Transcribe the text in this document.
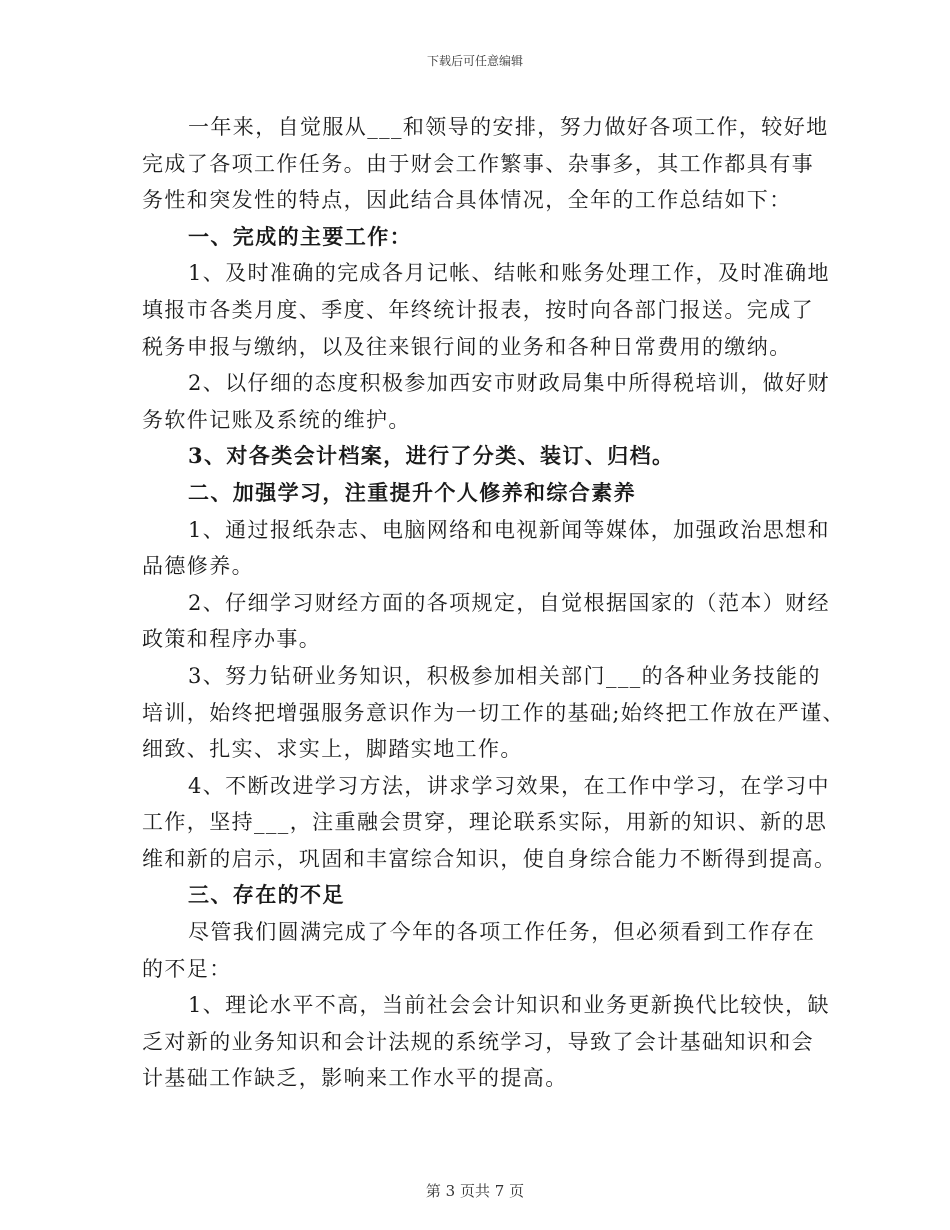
下载后可任意编辑
一年来，自觉服从___和领导的安排，努力做好各项工作，较好地
完成了各项工作任务。由于财会工作繁事、杂事多，其工作都具有事
务性和突发性的特点，因此结合具体情况，全年的工作总结如下：
一、完成的主要工作：
1、及时准确的完成各月记帐、结帐和账务处理工作，及时准确地
填报市各类月度、季度、年终统计报表，按时向各部门报送。完成了
税务申报与缴纳，以及往来银行间的业务和各种日常费用的缴纳。
2、以仔细的态度积极参加西安市财政局集中所得税培训，做好财
务软件记账及系统的维护。
3、对各类会计档案，进行了分类、装订、归档。
二、加强学习，注重提升个人修养和综合素养
1、通过报纸杂志、电脑网络和电视新闻等媒体，加强政治思想和
品德修养。
2、仔细学习财经方面的各项规定，自觉根据国家的（范本）财经
政策和程序办事。
3、努力钻研业务知识，积极参加相关部门___的各种业务技能的
培训，始终把增强服务意识作为一切工作的基础;始终把工作放在严谨、
细致、扎实、求实上，脚踏实地工作。
4、不断改进学习方法，讲求学习效果，在工作中学习，在学习中
工作，坚持___，注重融会贯穿，理论联系实际，用新的知识、新的思
维和新的启示，巩固和丰富综合知识，使自身综合能力不断得到提高。
三、存在的不足
尽管我们圆满完成了今年的各项工作任务，但必须看到工作存在
的不足：
1、理论水平不高，当前社会会计知识和业务更新换代比较快，缺
乏对新的业务知识和会计法规的系统学习，导致了会计基础知识和会
计基础工作缺乏，影响来工作水平的提高。
第 3 页共 7 页
